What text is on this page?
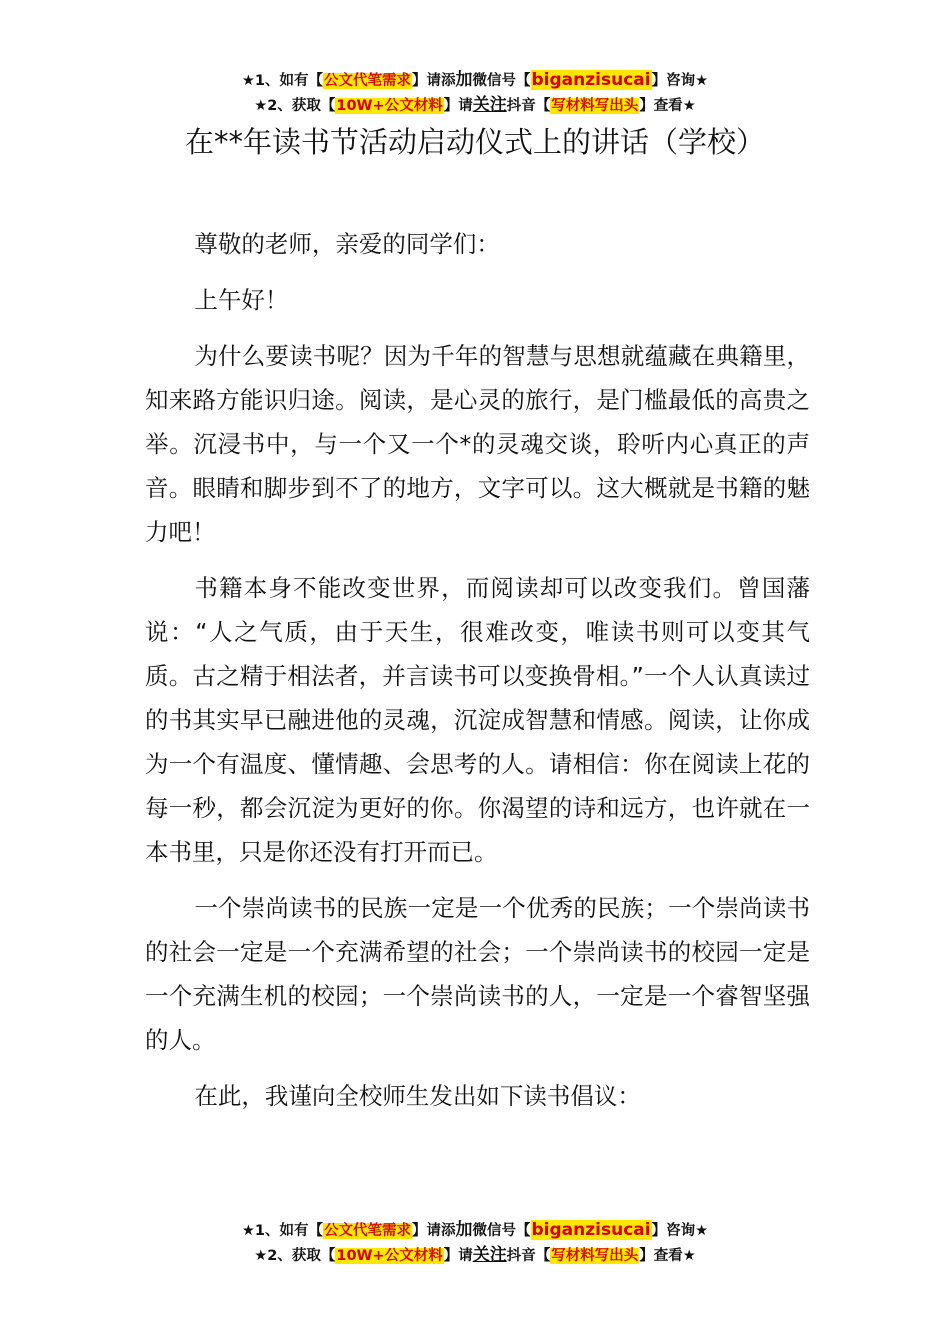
★1、如有【公文代笔需求】请添加微信号【biganzisucai】咨询★
★2、获取【10W+公文材料】请关注抖音【写材料写出头】查看★
在**年读书节活动启动仪式上的讲话（学校）

尊敬的老师，亲爱的同学们：

上午好！

为什么要读书呢？因为千年的智慧与思想就蕴藏在典籍里，知来路方能识归途。阅读，是心灵的旅行，是门槛最低的高贵之举。沉浸书中，与一个又一个*的灵魂交谈，聆听内心真正的声音。眼睛和脚步到不了的地方，文字可以。这大概就是书籍的魅力吧！

书籍本身不能改变世界，而阅读却可以改变我们。曾国藩说：“人之气质，由于天生，很难改变，唯读书则可以变其气质。古之精于相法者，并言读书可以变换骨相。”一个人认真读过的书其实早已融进他的灵魂，沉淀成智慧和情感。阅读，让你成为一个有温度、懂情趣、会思考的人。请相信：你在阅读上花的每一秒，都会沉淀为更好的你。你渴望的诗和远方，也许就在一本书里，只是你还没有打开而已。

一个崇尚读书的民族一定是一个优秀的民族；一个崇尚读书的社会一定是一个充满希望的社会；一个崇尚读书的校园一定是一个充满生机的校园；一个崇尚读书的人，一定是一个睿智坚强的人。

在此，我谨向全校师生发出如下读书倡议：

★1、如有【公文代笔需求】请添加微信号【biganzisucai】咨询★
★2、获取【10W+公文材料】请关注抖音【写材料写出头】查看★
